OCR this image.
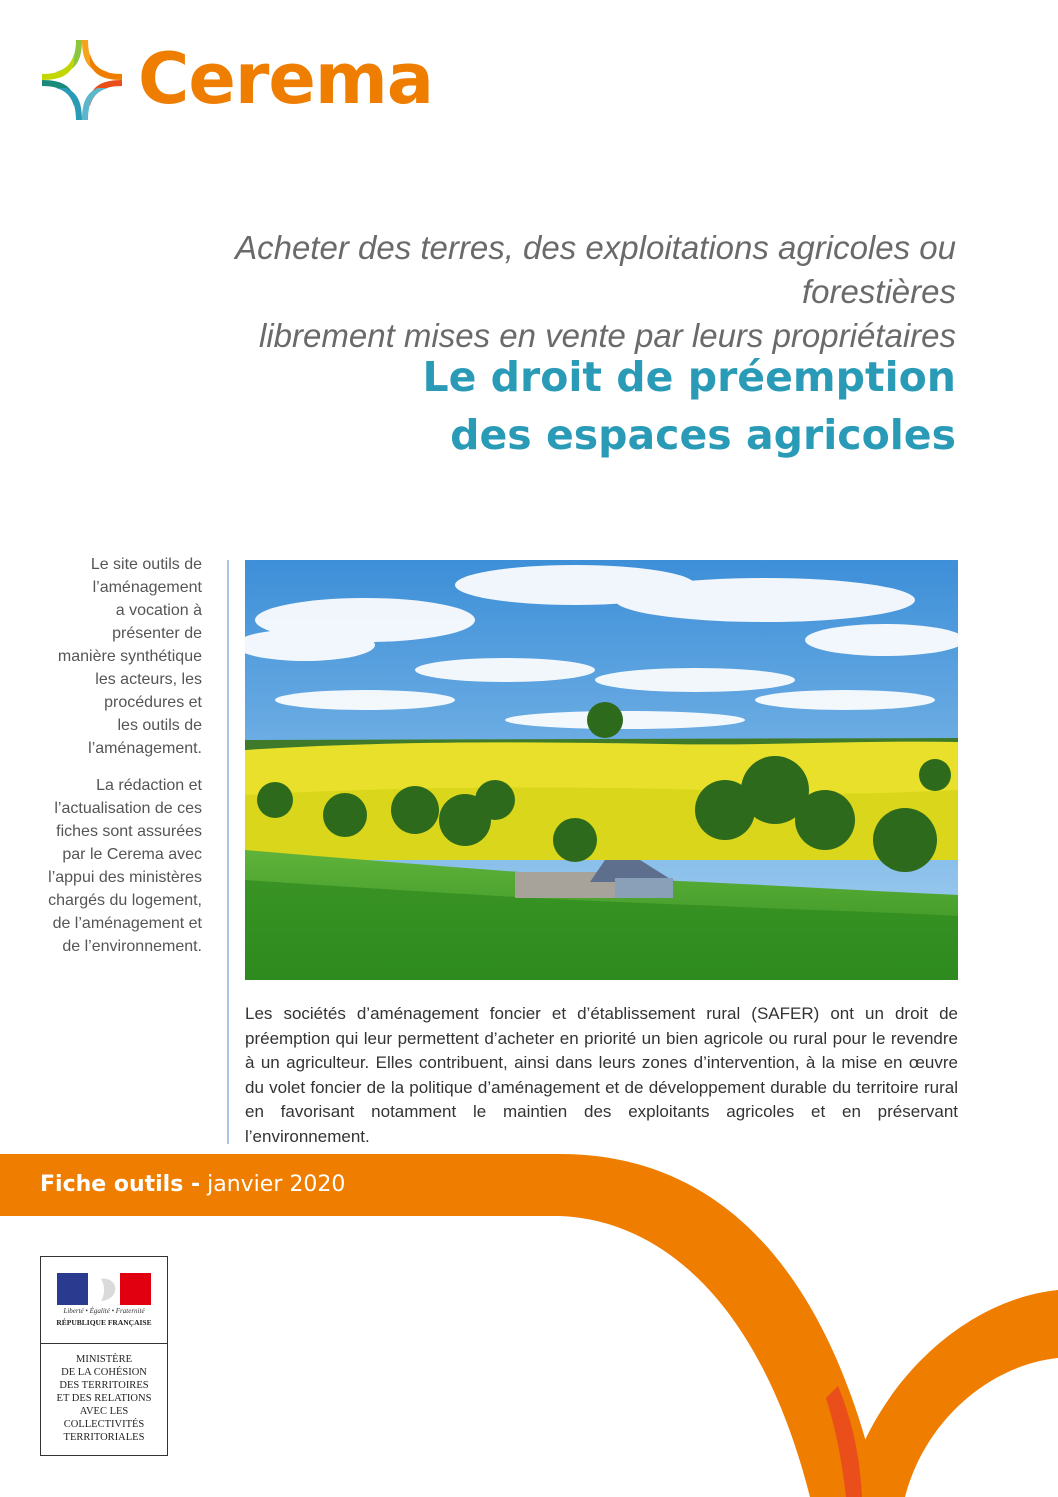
Cerema
Acheter des terres, des exploitations agricoles ou forestières
librement mises en vente par leurs propriétaires
Le droit de préemption
des espaces agricoles

Le site outils de
l’aménagement
a vocation à
présenter de
manière synthétique
les acteurs, les
procédures et
les outils de
l’aménagement.

La rédaction et
l’actualisation de ces
fiches sont assurées
par le Cerema avec
l’appui des ministères
chargés du logement,
de l’aménagement et
de l’environnement.

Les sociétés d’aménagement foncier et d’établissement rural (SAFER) ont un droit de préemption qui leur permettent d’acheter en priorité un bien agricole ou rural pour le revendre à un agriculteur. Elles contribuent, ainsi dans leurs zones d’intervention, à la mise en œuvre du volet foncier de la politique d’aménagement et de développement durable du territoire rural en favorisant notamment le maintien des exploitants agricoles et en préservant l’environnement.

Fiche outils - janvier 2020
Liberté • Égalité • Fraternité
RÉPUBLIQUE FRANÇAISE
MINISTÈRE
DE LA COHÉSION
DES TERRITOIRES
ET DES RELATIONS
AVEC LES
COLLECTIVITÉS
TERRITORIALES
